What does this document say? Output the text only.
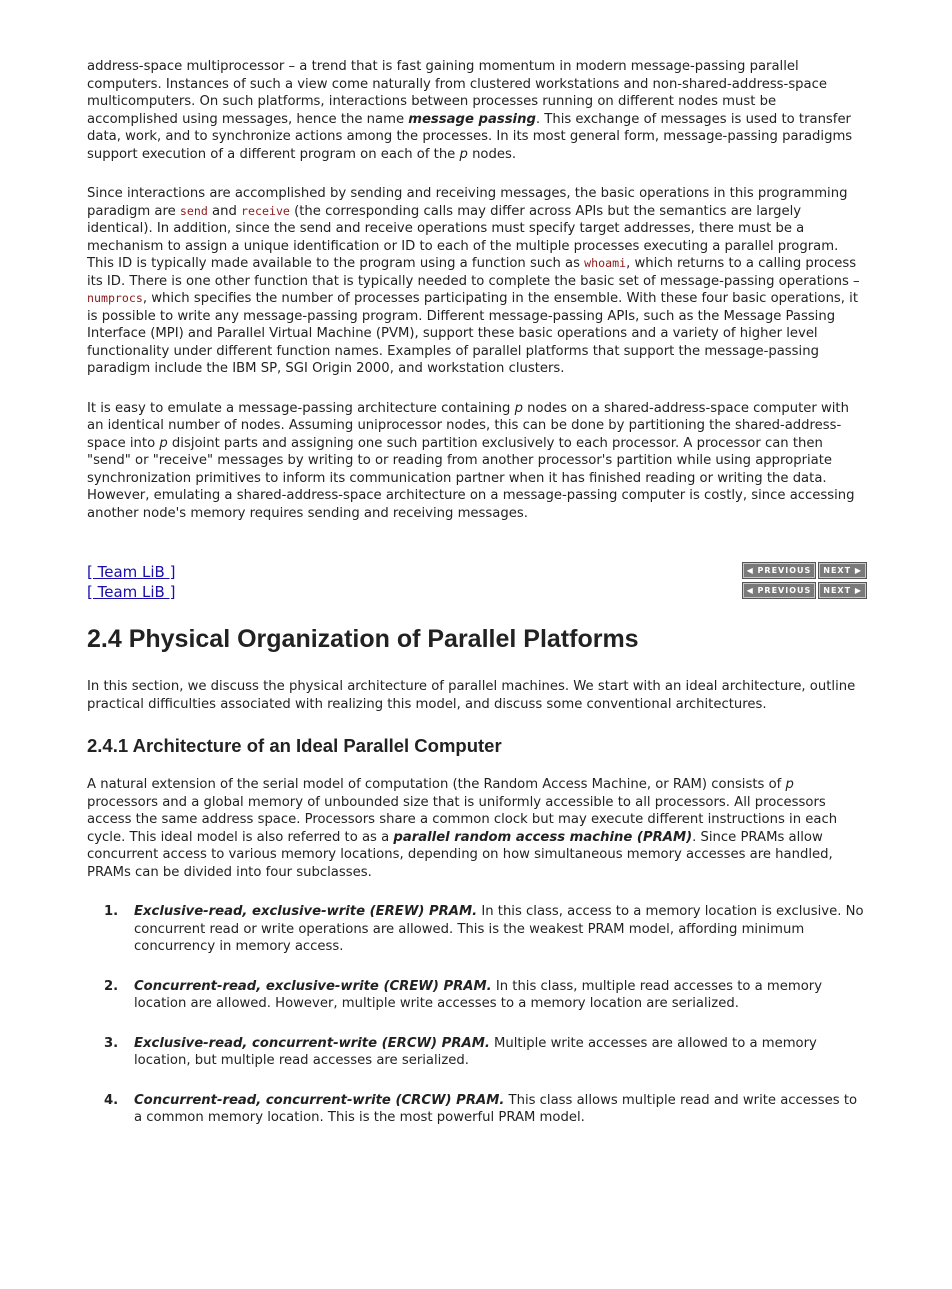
address-space multiprocessor – a trend that is fast gaining momentum in modern message-passing parallel computers. Instances of such a view come naturally from clustered workstations and non-shared-address-space multicomputers. On such platforms, interactions between processes running on different nodes must be accomplished using messages, hence the name message passing. This exchange of messages is used to transfer data, work, and to synchronize actions among the processes. In its most general form, message-passing paradigms support execution of a different program on each of the p nodes.

Since interactions are accomplished by sending and receiving messages, the basic operations in this programming paradigm are send and receive (the corresponding calls may differ across APIs but the semantics are largely identical). In addition, since the send and receive operations must specify target addresses, there must be a mechanism to assign a unique identification or ID to each of the multiple processes executing a parallel program. This ID is typically made available to the program using a function such as whoami, which returns to a calling process its ID. There is one other function that is typically needed to complete the basic set of message-passing operations – numprocs, which specifies the number of processes participating in the ensemble. With these four basic operations, it is possible to write any message-passing program. Different message-passing APIs, such as the Message Passing Interface (MPI) and Parallel Virtual Machine (PVM), support these basic operations and a variety of higher level functionality under different function names. Examples of parallel platforms that support the message-passing paradigm include the IBM SP, SGI Origin 2000, and workstation clusters.

It is easy to emulate a message-passing architecture containing p nodes on a shared-address-space computer with an identical number of nodes. Assuming uniprocessor nodes, this can be done by partitioning the shared-address-space into p disjoint parts and assigning one such partition exclusively to each processor. A processor can then "send" or "receive" messages by writing to or reading from another processor's partition while using appropriate synchronization primitives to inform its communication partner when it has finished reading or writing the data. However, emulating a shared-address-space architecture on a message-passing computer is costly, since accessing another node's memory requires sending and receiving messages.

[ Team LiB ]	◀ PREVIOUS	NEXT ▶
[ Team LiB ]	◀ PREVIOUS	NEXT ▶
2.4 Physical Organization of Parallel Platforms

In this section, we discuss the physical architecture of parallel machines. We start with an ideal architecture, outline practical difficulties associated with realizing this model, and discuss some conventional architectures.

2.4.1 Architecture of an Ideal Parallel Computer

A natural extension of the serial model of computation (the Random Access Machine, or RAM) consists of p processors and a global memory of unbounded size that is uniformly accessible to all processors. All processors access the same address space. Processors share a common clock but may execute different instructions in each cycle. This ideal model is also referred to as a parallel random access machine (PRAM). Since PRAMs allow concurrent access to various memory locations, depending on how simultaneous memory accesses are handled, PRAMs can be divided into four subclasses.

1. Exclusive-read, exclusive-write (EREW) PRAM. In this class, access to a memory location is exclusive. No concurrent read or write operations are allowed. This is the weakest PRAM model, affording minimum concurrency in memory access.
2. Concurrent-read, exclusive-write (CREW) PRAM. In this class, multiple read accesses to a memory location are allowed. However, multiple write accesses to a memory location are serialized.
3. Exclusive-read, concurrent-write (ERCW) PRAM. Multiple write accesses are allowed to a memory location, but multiple read accesses are serialized.
4. Concurrent-read, concurrent-write (CRCW) PRAM. This class allows multiple read and write accesses to a common memory location. This is the most powerful PRAM model.
